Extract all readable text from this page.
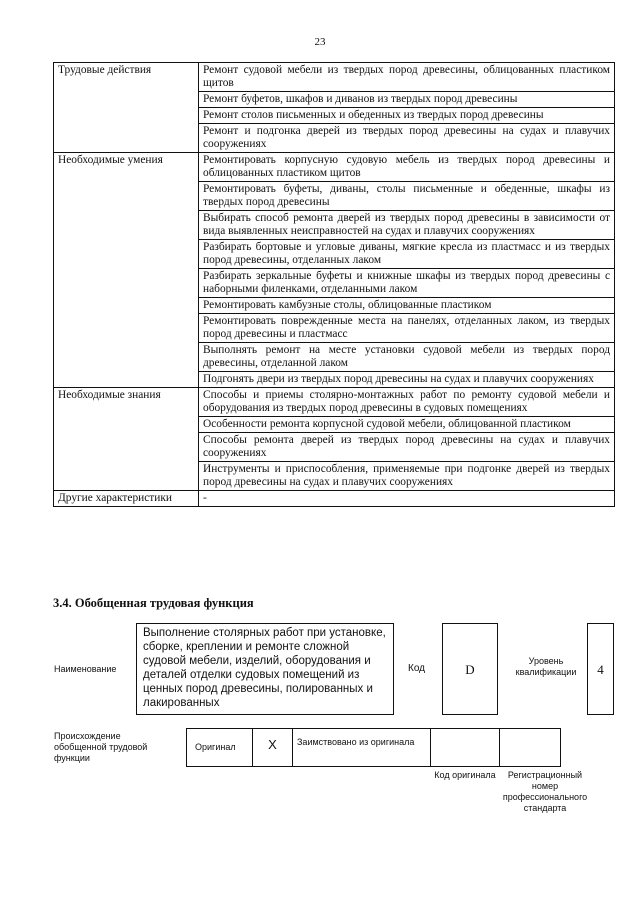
23
Трудовые действия	Ремонт судовой мебели из твердых пород древесины, облицованных пластиком щитов
	Ремонт буфетов, шкафов и диванов из твердых пород древесины
	Ремонт столов письменных и обеденных из твердых пород древесины
	Ремонт и подгонка дверей из твердых пород древесины на судах и плавучих сооружениях
Необходимые умения	Ремонтировать корпусную судовую мебель из твердых пород древесины и облицованных пластиком щитов
	Ремонтировать буфеты, диваны, столы письменные и обеденные, шкафы из твердых пород древесины
	Выбирать способ ремонта дверей из твердых пород древесины в зависимости от вида выявленных неисправностей на судах и плавучих сооружениях
	Разбирать бортовые и угловые диваны, мягкие кресла из пластмасс и из твердых пород древесины, отделанных лаком
	Разбирать зеркальные буфеты и книжные шкафы из твердых пород древесины с наборными филенками, отделанными лаком
	Ремонтировать камбузные столы, облицованные пластиком
	Ремонтировать поврежденные места на панелях, отделанных лаком, из твердых пород древесины и пластмасс
	Выполнять ремонт на месте установки судовой мебели из твердых пород древесины, отделанной лаком
	Подгонять двери из твердых пород древесины на судах и плавучих сооружениях
Необходимые знания	Способы и приемы столярно-монтажных работ по ремонту судовой мебели и оборудования из твердых пород древесины в судовых помещениях
	Особенности ремонта корпусной судовой мебели, облицованной пластиком
	Способы ремонта дверей из твердых пород древесины на судах и плавучих сооружениях
	Инструменты и приспособления, применяемые при подгонке дверей из твердых пород древесины на судах и плавучих сооружениях
Другие характеристики	-
3.4. Обобщенная трудовая функция
Наименование
Выполнение столярных работ при установке, сборке, креплении и ремонте сложной судовой мебели, изделий, оборудования и деталей отделки судовых помещений из ценных пород древесины, полированных и лакированных
Код	D
Уровень квалификации	4
Происхождение обобщенной трудовой функции
Оригинал	X	Заимствовано из оригинала
Код оригинала	Регистрационный номер профессионального стандарта
